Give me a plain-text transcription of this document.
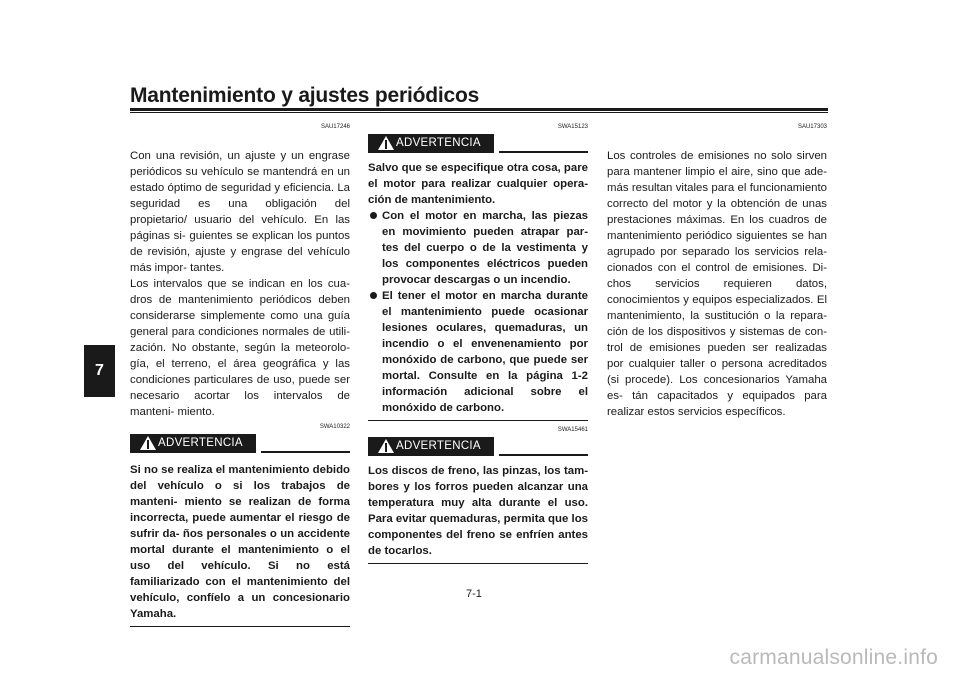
Mantenimiento y ajustes periódicos
7

SAU17246

Con una revisión, un ajuste y un engrase periódicos su vehículo se mantendrá en un estado óptimo de seguridad y eficiencia. La seguridad es una obligación del propietario/ usuario del vehículo. En las páginas si- guientes se explican los puntos de revisión, ajuste y engrase del vehículo más impor- tantes.

Los intervalos que se indican en los cua- dros de mantenimiento periódicos deben considerarse simplemente como una guía general para condiciones normales de utili- zación. No obstante, según la meteorolo- gía, el terreno, el área geográfica y las condiciones particulares de uso, puede ser necesario acortar los intervalos de manteni- miento.

SWA10322

ADVERTENCIA

Si no se realiza el mantenimiento debido del vehículo o si los trabajos de manteni- miento se realizan de forma incorrecta, puede aumentar el riesgo de sufrir da- ños personales o un accidente mortal durante el mantenimiento o el uso del vehículo. Si no está familiarizado con el mantenimiento del vehículo, confíelo a un concesionario Yamaha.

SWA15123

ADVERTENCIA

Salvo que se especifique otra cosa, pare el motor para realizar cualquier opera- ción de mantenimiento.

Con el motor en marcha, las piezas en movimiento pueden atrapar par- tes del cuerpo o de la vestimenta y los componentes eléctricos pueden provocar descargas o un incendio.
El tener el motor en marcha durante el mantenimiento puede ocasionar lesiones oculares, quemaduras, un incendio o el envenenamiento por monóxido de carbono, que puede ser mortal. Consulte en la página 1-2 información adicional sobre el monóxido de carbono.

SWA15461

ADVERTENCIA

Los discos de freno, las pinzas, los tam- bores y los forros pueden alcanzar una temperatura muy alta durante el uso. Para evitar quemaduras, permita que los componentes del freno se enfríen antes de tocarlos.

SAU17303

Los controles de emisiones no solo sirven para mantener limpio el aire, sino que ade- más resultan vitales para el funcionamiento correcto del motor y la obtención de unas prestaciones máximas. En los cuadros de mantenimiento periódico siguientes se han agrupado por separado los servicios rela- cionados con el control de emisiones. Di- chos servicios requieren datos, conocimientos y equipos especializados. El mantenimiento, la sustitución o la repara- ción de los dispositivos y sistemas de con- trol de emisiones pueden ser realizadas por cualquier taller o persona acreditados (si procede). Los concesionarios Yamaha es- tán capacitados y equipados para realizar estos servicios específicos.

7-1
carmanualsonline.info
